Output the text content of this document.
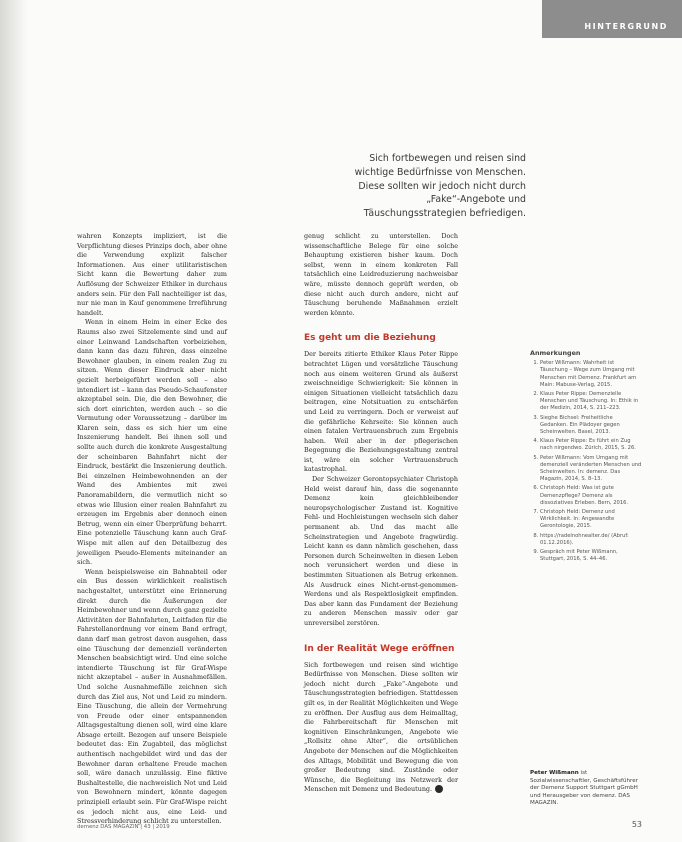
HINTERGRUND
Sich fortbewegen und reisen sind wichtige Bedürfnisse von Menschen. Diese sollten wir jedoch nicht durch „Fake“-Angebote und Täuschungsstrategien befriedigen.

wahren Konzepts impliziert, ist die Verpflichtung dieses Prinzips doch, aber ohne die Verwendung explizit falscher Informationen. Aus einer utilitaristischen Sicht kann die Bewertung daher zum Auflösung der Schweizer Ethiker in durchaus anders sein. Für den Fall nachteiliger ist das, nur nie man in Kauf genommene Irreführung handelt.

Wenn in einem Heim in einer Ecke des Raums also zwei Sitzelemente sind und auf einer Leinwand Landschaften vorbeiziehen, dann kann das dazu führen, dass einzelne Bewohner glauben, in einem realen Zug zu sitzen. Wenn dieser Eindruck aber nicht gezielt herbeigeführt werden soll – also intendiert ist – kann das Pseudo-Schaufenster akzeptabel sein. Die, die den Bewohner, die sich dort einrichten, werden auch – so die Vermutung oder Voraussetzung – darüber im Klaren sein, dass es sich hier um eine Inszenierung handelt. Bei ihnen soll und sollte auch durch die konkrete Ausgestaltung der scheinbaren Bahnfahrt nicht der Eindruck, bestärkt die Inszenierung deutlich. Bei einzelnen Heimbewohnenden an der Wand des Ambientes mit zwei Panoramabildern, die vermutlich nicht so etwas wie Illusion einer realen Bahnfahrt zu erzeugen im Ergebnis aber dennoch einen Betrug, wenn ein einer Überprüfung beharrt. Eine potenzielle Täuschung kann auch Graf-Wispe mit allen auf den Detailbezug des jeweiligen Pseudo-Elements miteinander an sich.

Wenn beispielsweise ein Bahnabteil oder ein Bus dessen wirklichkeit realistisch nachgestaltet, unterstützt eine Erinnerung direkt durch die Äußerungen der Heimbewohner und wenn durch ganz gezielte Aktivitäten der Bahnfahrten, Leitfaden für die Fahrstellanordnung vor einem Band erfragt, dann darf man getrost davon ausgehen, dass eine Täuschung der demenziell veränderten Menschen beabsichtigt wird. Und eine solche intendierte Täuschung ist für Graf-Wispe nicht akzeptabel – außer in Ausnahmefällen. Und solche Ausnahmefälle zeichnen sich durch das Ziel aus, Not und Leid zu mindern. Eine Täuschung, die allein der Vermehrung von Freude oder einer entspannenden Alltagsgestaltung dienen soll, wird eine klare Absage erteilt. Bezogen auf unsere Beispiele bedeutet das: Ein Zugabteil, das möglichst authentisch nachgebildet wird und das der Bewohner daran erhaltene Freude machen soll, wäre danach unzulässig. Eine fiktive Bushaltestelle, die nachweislich Not und Leid von Bewohnern mindert, könnte dagegen prinzipiell erlaubt sein. Für Graf-Wispe reicht es jedoch nicht aus, eine Leid- und Stressverhinderung schlicht zu unterstellen.

genug schlicht zu unterstellen. Doch wissenschaftliche Belege für eine solche Behauptung existieren bisher kaum. Doch selbst, wenn in einem konkreten Fall tatsächlich eine Leidreduzierung nachweisbar wäre, müsste dennoch geprüft werden, ob diese nicht auch durch andere, nicht auf Täuschung beruhende Maßnahmen erzielt werden könnte.

Es geht um die Beziehung

Der bereits zitierte Ethiker Klaus Peter Rippe betrachtet Lügen und vorsätzliche Täuschung noch aus einem weiteren Grund als äußerst zweischneidige Schwierigkeit: Sie können in einigen Situationen vielleicht tatsächlich dazu beitragen, eine Notsituation zu entschärfen und Leid zu verringern. Doch er verweist auf die gefährliche Kehrseite: Sie können auch einen fatalen Vertrauensbruch zum Ergebnis haben. Weil aber in der pflegerischen Begegnung die Beziehungsgestaltung zentral ist, wäre ein solcher Vertrauensbruch katastrophal.

Der Schweizer Gerontopsychiater Christoph Held weist darauf hin, dass die sogenannte Demenz kein gleichbleibender neuropsychologischer Zustand ist. Kognitive Fehl- und Hochleistungen wechseln sich daher permanent ab. Und das macht alle Scheinstrategien und Angebote fragwürdig. Leicht kann es dann nämlich geschehen, dass Personen durch Scheinwelten in diesen Leben noch verunsichert werden und diese in bestimmten Situationen als Betrug erkennen. Als Ausdruck eines Nicht-ernst-genommen-Werdens und als Respektlosigkeit empfinden. Das aber kann das Fundament der Beziehung zu anderen Menschen massiv oder gar unreversibel zerstören.

In der Realität Wege eröffnen

Sich fortbewegen und reisen sind wichtige Bedürfnisse von Menschen. Diese sollten wir jedoch nicht durch „Fake“-Angebote und Täuschungsstrategien befriedigen. Stattdessen gilt es, in der Realität Möglichkeiten und Wege zu eröffnen. Der Ausflug aus dem Heimalltag, die Fahrbereitschaft für Menschen mit kognitiven Einschränkungen, Angebote wie „Rollsitz ohne Alter“, die ortsüblichen Angebote der Menschen auf die Möglichkeiten des Alltags, Mobilität und Bewegung die von großer Bedeutung sind. Zustände oder Wünsche, die Begleitung ins Netzwerk der Menschen mit Demenz und Bedeutung.

Anmerkungen
1. Peter Wißmann: Wahrheit ist Täuschung – Wege zum Umgang mit Menschen mit Demenz. Frankfurt am Main: Mabuse-Verlag, 2015.
2. Klaus Peter Rippe: Demenzielle Menschen und Täuschung. In: Ethik in der Medizin, 2014, S. 211–223.
3. Sieghe Bichsel: Freiheitliche Gedanken. Ein Plädoyer gegen Scheinwelten. Basel, 2013.
4. Klaus Peter Rippe: Es führt ein Zug nach nirgendwo. Zürich, 2015, S. 26.
5. Peter Wißmann: Vom Umgang mit demenziell veränderten Menschen und Scheinwelten. In: demenz. Das Magazin, 2014, S. 8–13.
6. Christoph Held: Was ist gute Demenzpflege? Demenz als dissoziatives Erleben. Bern, 2016.
7. Christoph Held: Demenz und Wirklichkeit. In: Angewandte Gerontologie, 2015.
8. https://radelnohnealter.de/ (Abruf: 01.12.2016).
9. Gespräch mit Peter Wißmann, Stuttgart, 2016, S. 44–46.
Peter Wißmann ist Sozialwissenschaftler, Geschäftsführer der Demenz Support Stuttgart gGmbH und Herausgeber von demenz. DAS MAGAZIN.
demenz DAS MAGAZIN | 43 | 2019	53
